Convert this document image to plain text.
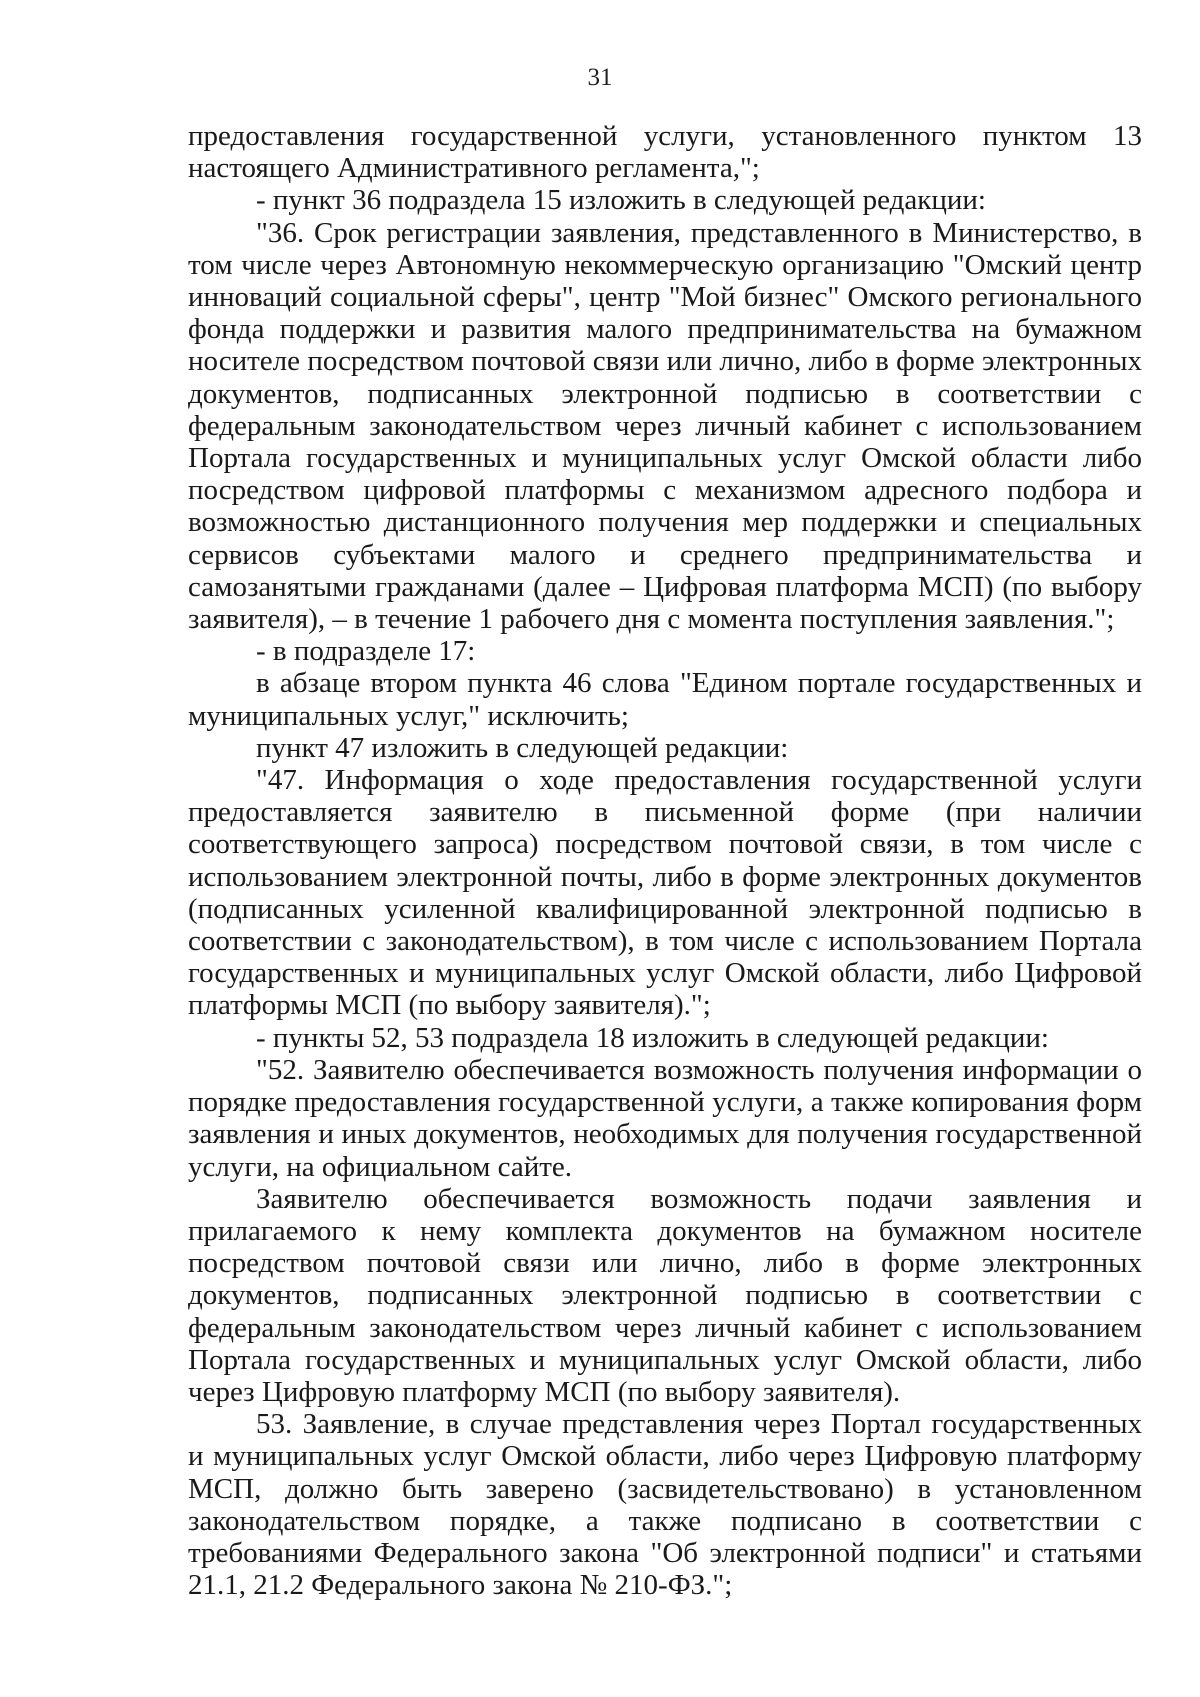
31

предоставления государственной услуги, установленного пунктом 13 настоящего Административного регламента,";

- пункт 36 подраздела 15 изложить в следующей редакции:

"36. Срок регистрации заявления, представленного в Министерство, в том числе через Автономную некоммерческую организацию "Омский центр инноваций социальной сферы", центр "Мой бизнес" Омского регионального фонда поддержки и развития малого предпринимательства на бумажном носителе посредством почтовой связи или лично, либо в форме электронных документов, подписанных электронной подписью в соответствии с федеральным законодательством через личный кабинет с использованием Портала государственных и муниципальных услуг Омской области либо посредством цифровой платформы с механизмом адресного подбора и возможностью дистанционного получения мер поддержки и специальных сервисов субъектами малого и среднего предпринимательства и самозанятыми гражданами (далее – Цифровая платформа МСП) (по выбору заявителя), – в течение 1 рабочего дня с момента поступления заявления.";

- в подразделе 17:

в абзаце втором пункта 46 слова "Едином портале государственных и муниципальных услуг," исключить;

пункт 47 изложить в следующей редакции:

"47. Информация о ходе предоставления государственной услуги предоставляется заявителю в письменной форме (при наличии соответствующего запроса) посредством почтовой связи, в том числе с использованием электронной почты, либо в форме электронных документов (подписанных усиленной квалифицированной электронной подписью в соответствии с законодательством), в том числе с использованием Портала государственных и муниципальных услуг Омской области, либо Цифровой платформы МСП (по выбору заявителя).";

- пункты 52, 53 подраздела 18 изложить в следующей редакции:

"52. Заявителю обеспечивается возможность получения информации о порядке предоставления государственной услуги, а также копирования форм заявления и иных документов, необходимых для получения государственной услуги, на официальном сайте.

Заявителю обеспечивается возможность подачи заявления и прилагаемого к нему комплекта документов на бумажном носителе посредством почтовой связи или лично, либо в форме электронных документов, подписанных электронной подписью в соответствии с федеральным законодательством через личный кабинет с использованием Портала государственных и муниципальных услуг Омской области, либо через Цифровую платформу МСП (по выбору заявителя).

53. Заявление, в случае представления через Портал государственных и муниципальных услуг Омской области, либо через Цифровую платформу МСП, должно быть заверено (засвидетельствовано) в установленном законодательством порядке, а также подписано в соответствии с требованиями Федерального закона "Об электронной подписи" и статьями 21.1, 21.2 Федерального закона № 210-ФЗ.";
